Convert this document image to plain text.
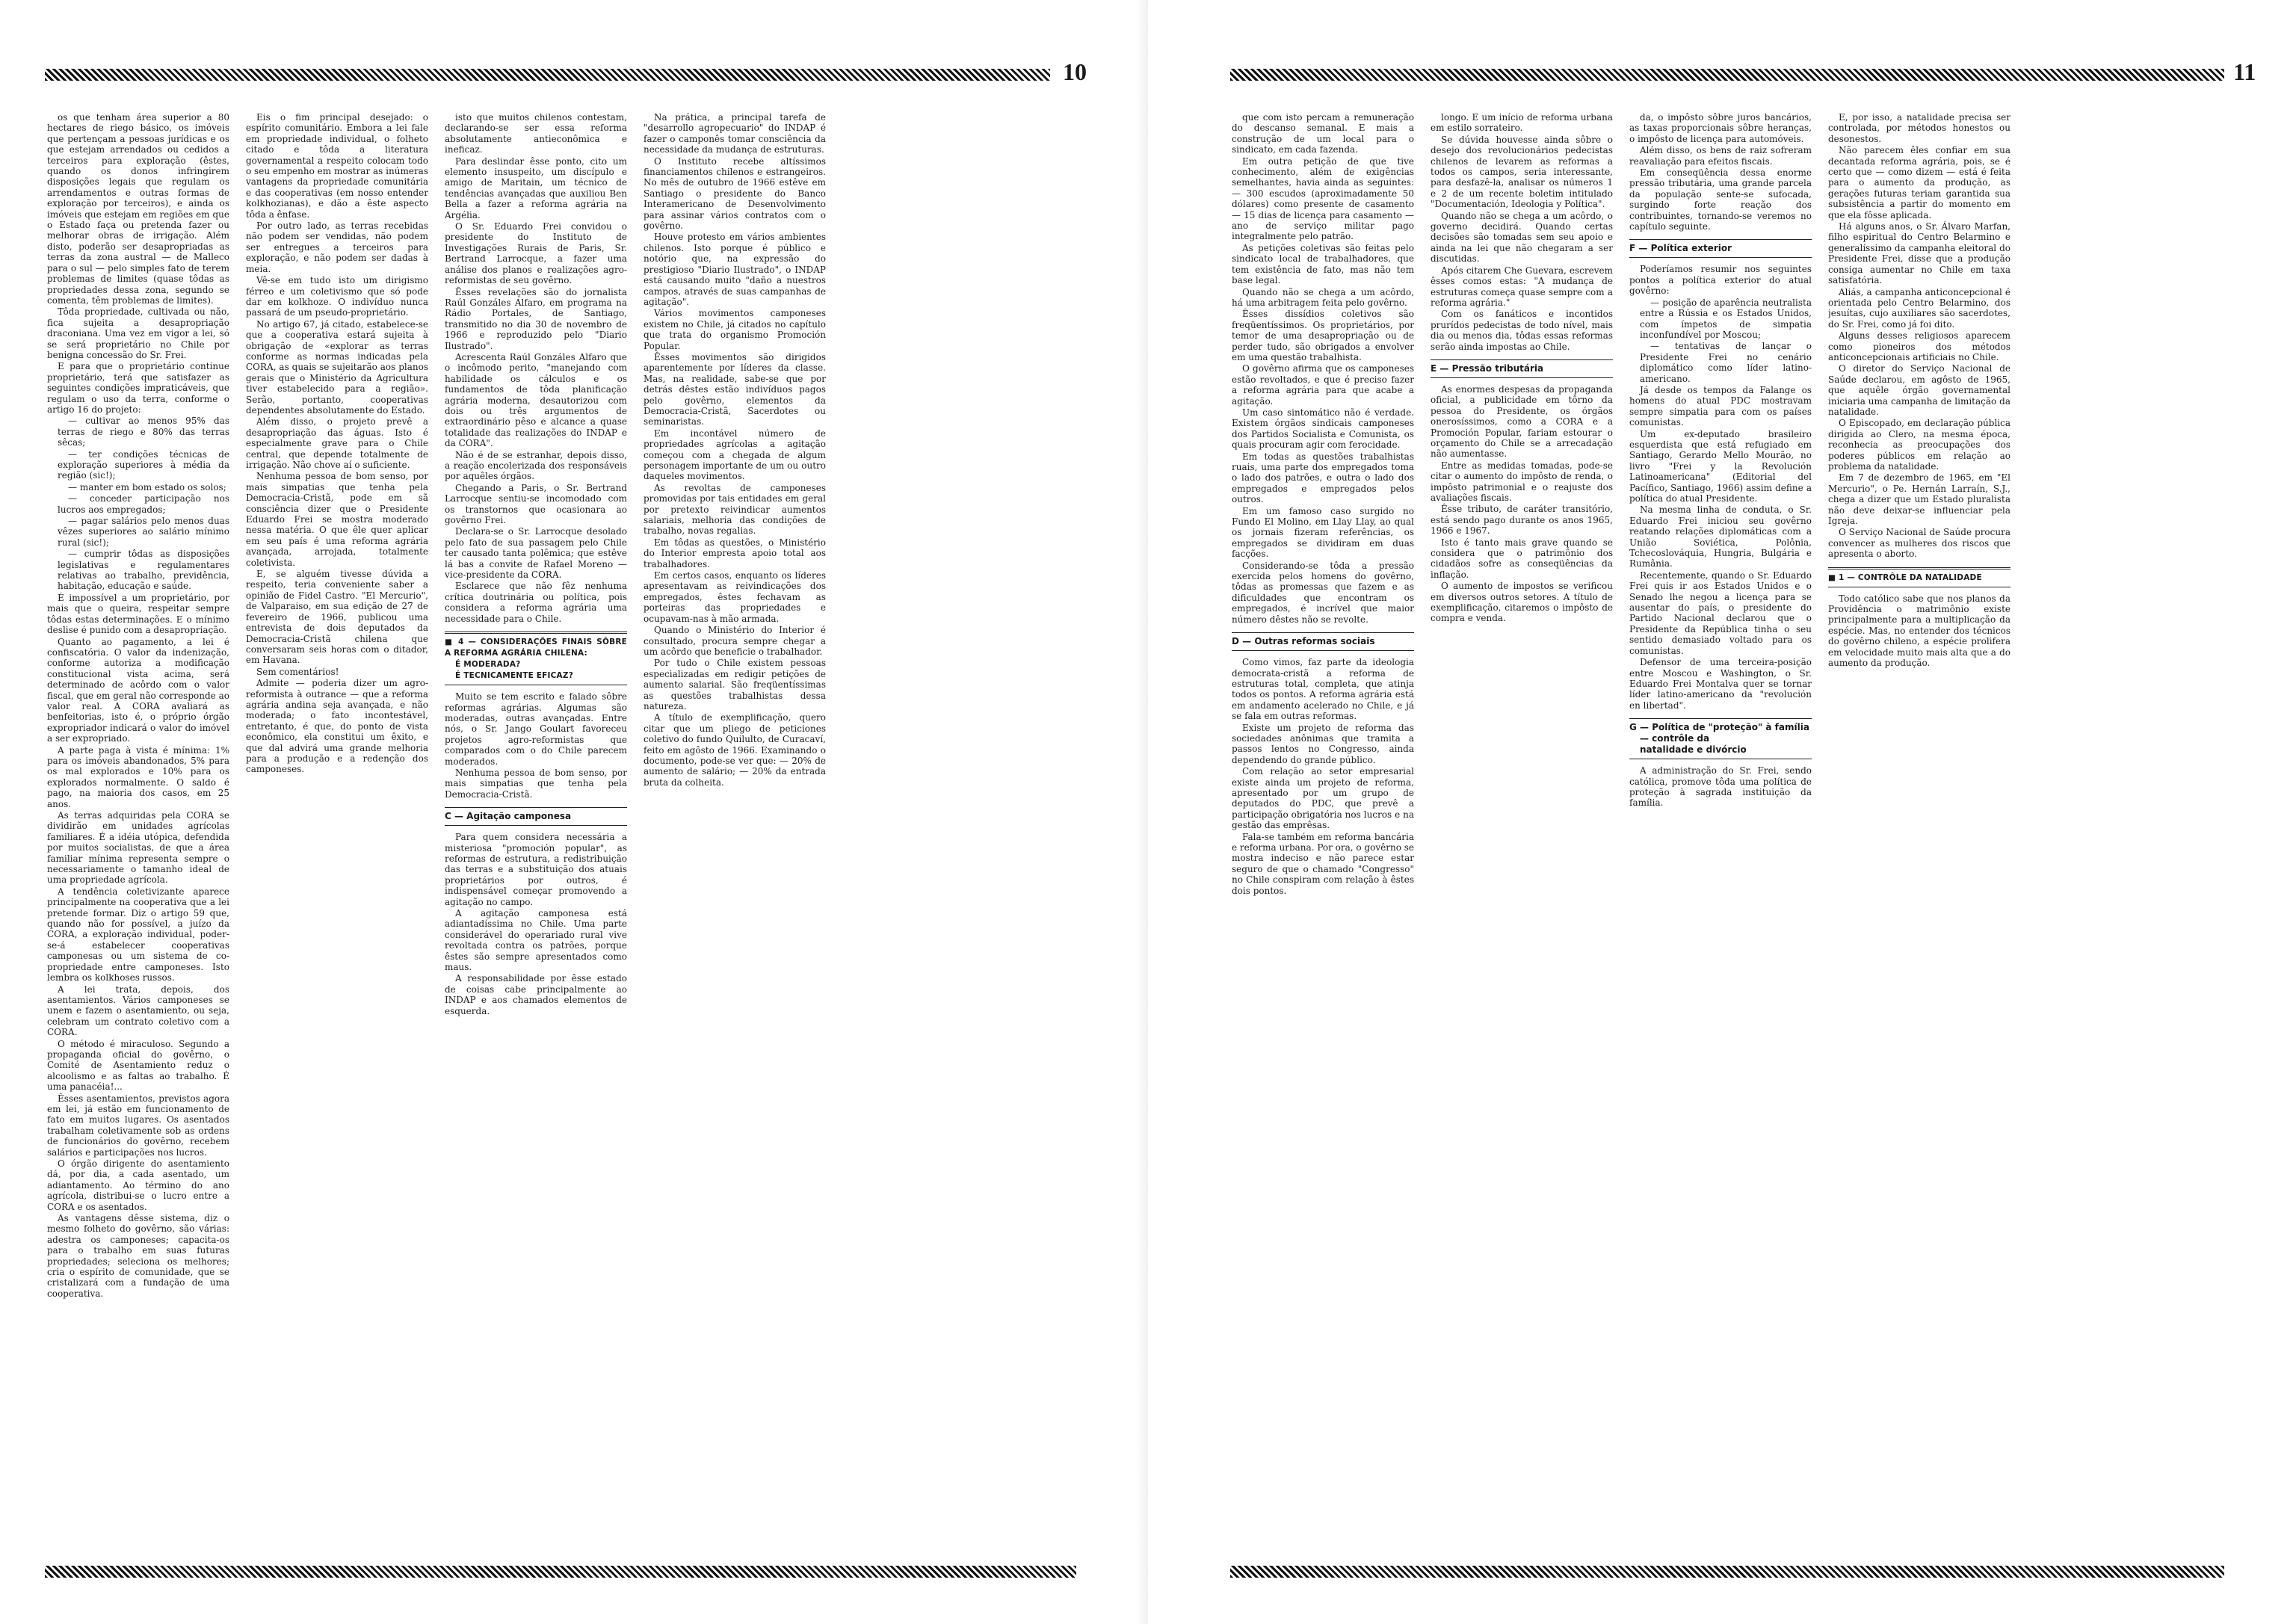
10

os que tenham área superior a 80 hectares de riego básico, os imóveis que pertençam a pessoas jurídicas e os que estejam arrendados ou cedidos a terceiros para exploração (êstes, quando os donos infringirem disposições legais que regulam os arrendamentos e outras formas de exploração por terceiros), e ainda os imóveis que estejam em regiões em que o Estado faça ou pretenda fazer ou melhorar obras de irrigação. Além disto, poderão ser desapropriadas as terras da zona austral — de Malleco para o sul — pelo simples fato de terem problemas de limites (quase tôdas as propriedades dessa zona, segundo se comenta, têm problemas de limites).

Tôda propriedade, cultivada ou não, fica sujeita a desapropriação draconiana. Uma vez em vigor a lei, só se será proprietário no Chile por benigna concessão do Sr. Frei.

E para que o proprietário continue proprietário, terá que satisfazer as seguintes condições impraticáveis, que regulam o uso da terra, conforme o artigo 16 do projeto:

— cultivar ao menos 95% das terras de riego e 80% das terras sêcas;

— ter condições técnicas de exploração superiores à média da região (sic!);

— manter em bom estado os solos;

— conceder participação nos lucros aos empregados;

— pagar salários pelo menos duas vêzes superiores ao salário mínimo rural (sic!);

— cumprir tôdas as disposições legislativas e regulamentares relativas ao trabalho, previdência, habitação, educação e saúde.

É impossível a um proprietário, por mais que o queira, respeitar sempre tôdas estas determinações. E o mínimo deslise é punido com a desapropriação.

Quanto ao pagamento, a lei é confiscatória. O valor da indenização, conforme autoriza a modificação constitucional vista acima, será determinado de acôrdo com o valor fiscal, que em geral não corresponde ao valor real. A CORA avaliará as benfeitorias, isto é, o próprio órgão expropriador indicará o valor do imóvel a ser expropriado.

A parte paga à vista é mínima: 1% para os imóveis abandonados, 5% para os mal explorados e 10% para os explorados normalmente. O saldo é pago, na maioria dos casos, em 25 anos.

As terras adquiridas pela CORA se dividirão em unidades agrícolas familiares. É a idéia utópica, defendida por muitos socialistas, de que a área familiar mínima representa sempre o necessariamente o tamanho ideal de uma propriedade agrícola.

A tendência coletivizante aparece principalmente na cooperativa que a lei pretende formar. Diz o artigo 59 que, quando não for possível, a juízo da CORA, a exploração individual, poder-se-á estabelecer cooperativas camponesas ou um sistema de co-propriedade entre camponeses. Isto lembra os kolkhoses russos.

A lei trata, depois, dos asentamientos. Vários camponeses se unem e fazem o asentamiento, ou seja, celebram um contrato coletivo com a CORA.

O método é miraculoso. Segundo a propaganda oficial do govêrno, o Comité de Asentamiento reduz o alcoolismo e as faltas ao trabalho. É uma panacéia!...

Êsses asentamientos, previstos agora em lei, já estão em funcionamento de fato em muitos lugares. Os asentados trabalham coletivamente sob as ordens de funcionários do govêrno, recebem salários e participações nos lucros.

O órgão dirigente do asentamiento dá, por dia, a cada asentado, um adiantamento. Ao término do ano agrícola, distribui-se o lucro entre a CORA e os asentados.

As vantagens dêsse sistema, diz o mesmo folheto do govêrno, são várias: adestra os camponeses; capacita-os para o trabalho em suas futuras propriedades; seleciona os melhores; cria o espírito de comunidade, que se cristalizará com a fundação de uma cooperativa.

Eis o fim principal desejado: o espírito comunitário. Embora a lei fale em propriedade individual, o folheto citado e tôda a literatura governamental a respeito colocam todo o seu empenho em mostrar as inúmeras vantagens da propriedade comunitária e das cooperativas (em nosso entender kolkhozianas), e dão a êste aspecto tôda a ênfase.

Por outro lado, as terras recebidas não podem ser vendidas, não podem ser entregues a terceiros para exploração, e não podem ser dadas à meia.

Vê-se em tudo isto um dirigismo férreo e um coletivismo que só pode dar em kolkhoze. O indivíduo nunca passará de um pseudo-proprietário.

No artigo 67, já citado, estabelece-se que a cooperativa estará sujeita à obrigação de «explorar as terras conforme as normas indicadas pela CORA, as quais se sujeitarão aos planos gerais que o Ministério da Agricultura tiver estabelecido para a região». Serão, portanto, cooperativas dependentes absolutamente do Estado.

Além disso, o projeto prevê a desapropriação das águas. Isto é especialmente grave para o Chile central, que depende totalmente de irrigação. Não chove aí o suficiente.

Nenhuma pessoa de bom senso, por mais simpatias que tenha pela Democracia-Cristã, pode em sã consciência dizer que o Presidente Eduardo Frei se mostra moderado nessa matéria. O que êle quer aplicar em seu país é uma reforma agrária avançada, arrojada, totalmente coletivista.

E, se alguém tivesse dúvida a respeito, teria conveniente saber a opinião de Fidel Castro. "El Mercurio", de Valparaiso, em sua edição de 27 de fevereiro de 1966, publicou uma entrevista de dois deputados da Democracia-Cristã chilena que conversaram seis horas com o ditador, em Havana.

Sem comentários!

Admite — poderia dizer um agro-reformista à outrance — que a reforma agrária andina seja avançada, e não moderada; o fato incontestável, entretanto, é que, do ponto de vista econômico, ela constitui um êxito, e que dal advirá uma grande melhoria para a produção e a redenção dos camponeses.

isto que muitos chilenos contestam, declarando-se ser essa reforma absolutamente antieconômica e ineficaz.

Para deslindar êsse ponto, cito um elemento insuspeito, um discípulo e amigo de Maritain, um técnico de tendências avançadas que auxiliou Ben Bella a fazer a reforma agrária na Argélia.

O Sr. Eduardo Frei convidou o presidente do Instituto de Investigações Rurais de Paris, Sr. Bertrand Larrocque, a fazer uma análise dos planos e realizações agro-reformistas de seu govêrno.

Êsses revelações são do jornalista Raúl Gonzáles Alfaro, em programa na Rádio Portales, de Santiago, transmitido no dia 30 de novembro de 1966 e reproduzido pelo "Diario Ilustrado".

Acrescenta Raúl Gonzáles Alfaro que o incômodo perito, "manejando com habilidade os cálculos e os fundamentos de tôda planificação agrária moderna, desautorizou com dois ou três argumentos de extraordinário pêso e alcance a quase totalidade das realizações do INDAP e da CORA".

Não é de se estranhar, depois disso, a reação encolerizada dos responsáveis por aquêles órgãos.

Chegando a Paris, o Sr. Bertrand Larrocque sentiu-se incomodado com os transtornos que ocasionara ao govêrno Frei.

Declara-se o Sr. Larrocque desolado pelo fato de sua passagem pelo Chile ter causado tanta polêmica; que estêve lá bas a convite de Rafael Moreno — vice-presidente da CORA.

Esclarece que não fêz nenhuma crítica doutrinária ou política, pois considera a reforma agrária uma necessidade para o Chile.

■ 4 — CONSIDERAÇÕES FINAIS SÔBRE A REFORMA AGRÁRIA CHILENA:
É MODERADA?
É TECNICAMENTE EFICAZ?

Muito se tem escrito e falado sôbre reformas agrárias. Algumas são moderadas, outras avançadas. Entre nós, o Sr. Jango Goulart favoreceu projetos agro-reformistas que comparados com o do Chile parecem moderados.

Nenhuma pessoa de bom senso, por mais simpatias que tenha pela Democracia-Cristã.

C — Agitação camponesa

Para quem considera necessária a misteriosa "promoción popular", as reformas de estrutura, a redistribuição das terras e a substituição dos atuais proprietários por outros, é indispensável começar promovendo a agitação no campo.

A agitação camponesa está adiantadíssima no Chile. Uma parte considerável do operariado rural vive revoltada contra os patrões, porque êstes são sempre apresentados como maus.

A responsabilidade por êsse estado de coisas cabe principalmente ao INDAP e aos chamados elementos de esquerda.

Na prática, a principal tarefa de "desarrollo agropecuario" do INDAP é fazer o camponês tomar consciência da necessidade da mudança de estruturas.

O Instituto recebe altíssimos financiamentos chilenos e estrangeiros. No mês de outubro de 1966 estêve em Santiago o presidente do Banco Interamericano de Desenvolvimento para assinar vários contratos com o govêrno.

Houve protesto em vários ambientes chilenos. Isto porque é público e notório que, na expressão do prestigioso "Diario Ilustrado", o INDAP está causando muito "daño a nuestros campos, através de suas campanhas de agitação".

Vários movimentos camponeses existem no Chile, já citados no capítulo que trata do organismo Promoción Popular.

Êsses movimentos são dirigidos aparentemente por líderes da classe. Mas, na realidade, sabe-se que por detrás dêstes estão indivíduos pagos pelo govêrno, elementos da Democracia-Cristã, Sacerdotes ou seminaristas.

Em incontável número de propriedades agrícolas a agitação começou com a chegada de algum personagem importante de um ou outro daqueles movimentos.

As revoltas de camponeses promovidas por tais entidades em geral por pretexto reivindicar aumentos salariais, melhoria das condições de trabalho, novas regalias.

Em tôdas as questões, o Ministério do Interior empresta apoio total aos trabalhadores.

Em certos casos, enquanto os líderes apresentavam as reivindicações dos empregados, êstes fechavam as porteiras das propriedades e ocupavam-nas à mão armada.

Quando o Ministério do Interior é consultado, procura sempre chegar a um acôrdo que beneficie o trabalhador.

Por tudo o Chile existem pessoas especializadas em redigir petições de aumento salarial. São freqüentíssimas as questões trabalhistas dessa natureza.

A título de exemplificação, quero citar que um pliego de peticiones coletivo do fundo Quilulto, de Curacaví, feito em agôsto de 1966. Examinando o documento, pode-se ver que: — 20% de aumento de salário; — 20% da entrada bruta da colheita.

11

que com isto percam a remuneração do descanso semanal. E mais a construção de um local para o sindicato, em cada fazenda.

Em outra petição de que tive conhecimento, além de exigências semelhantes, havia ainda as seguintes: — 300 escudos (aproximadamente 50 dólares) como presente de casamento — 15 dias de licença para casamento — ano de serviço militar pago integralmente pelo patrão.

As petições coletivas são feitas pelo sindicato local de trabalhadores, que tem existência de fato, mas não tem base legal.

Quando não se chega a um acôrdo, há uma arbitragem feita pelo govêrno.

Êsses dissídios coletivos são freqüentíssimos. Os proprietários, por temor de uma desapropriação ou de perder tudo, são obrigados a envolver em uma questão trabalhista.

O govêrno afirma que os camponeses estão revoltados, e que é preciso fazer a reforma agrária para que acabe a agitação.

Um caso sintomático não é verdade. Existem órgãos sindicais camponeses dos Partidos Socialista e Comunista, os quais procuram agir com ferocidade.

Em todas as questões trabalhistas ruais, uma parte dos empregados toma o lado dos patrões, e outra o lado dos empregados e empregados pelos outros.

Em um famoso caso surgido no Fundo El Molino, em Llay Llay, ao qual os jornais fizeram referências, os empregados se dividiram em duas facções.

Considerando-se tôda a pressão exercida pelos homens do govêrno, tôdas as promessas que fazem e as dificuldades que encontram os empregados, é incrível que maior número dêstes não se revolte.

D — Outras reformas sociais

Como vimos, faz parte da ideologia democrata-cristã a reforma de estruturas total, completa, que atinja todos os pontos. A reforma agrária está em andamento acelerado no Chile, e já se fala em outras reformas.

Existe um projeto de reforma das sociedades anônimas que tramita a passos lentos no Congresso, ainda dependendo do grande público.

Com relação ao setor empresarial existe ainda um projeto de reforma, apresentado por um grupo de deputados do PDC, que prevê a participação obrigatória nos lucros e na gestão das emprêsas.

Fala-se também em reforma bancária e reforma urbana. Por ora, o govêrno se mostra indeciso e não parece estar seguro de que o chamado "Congresso" no Chile conspiram com relação à êstes dois pontos.

longo. E um início de reforma urbana em estilo sorrateiro.

Se dúvida houvesse ainda sôbre o desejo dos revolucionários pedecistas chilenos de levarem as reformas a todos os campos, seria interessante, para desfazê-la, analisar os números 1 e 2 de um recente boletim intitulado "Documentación, Ideologia y Política".

Quando não se chega a um acôrdo, o governo decidirá. Quando certas decisões são tomadas sem seu apoio e ainda na lei que não chegaram a ser discutidas.

Após citarem Che Guevara, escrevem êsses comos estas: "A mudança de estruturas começa quase sempre com a reforma agrária."

Com os fanáticos e incontidos prurídos pedecistas de todo nível, mais dia ou menos dia, tôdas essas reformas serão ainda impostas ao Chile.

E — Pressão tributária

As enormes despesas da propaganda oficial, a publicidade em tôrno da pessoa do Presidente, os órgãos onerosíssimos, como a CORA e a Promoción Popular, fariam estourar o orçamento do Chile se a arrecadação não aumentasse.

Entre as medidas tomadas, pode-se citar o aumento do impôsto de renda, o impôsto patrimonial e o reajuste dos avaliações fiscais.

Êsse tributo, de caráter transitório, está sendo pago durante os anos 1965, 1966 e 1967.

Isto é tanto mais grave quando se considera que o patrimônio dos cidadãos sofre as conseqüências da inflação.

O aumento de impostos se verificou em diversos outros setores. A título de exemplificação, citaremos o impôsto de compra e venda.

da, o impôsto sôbre juros bancários, as taxas proporcionais sôbre heranças, o impôsto de licença para automóveis.

Além disso, os bens de raiz sofreram reavaliação para efeitos fiscais.

Em conseqüência dessa enorme pressão tributária, uma grande parcela da população sente-se sufocada, surgindo forte reação dos contribuintes, tornando-se veremos no capítulo seguinte.

F — Política exterior

Poderíamos resumir nos seguintes pontos a política exterior do atual govêrno:

— posição de aparência neutralista entre a Rússia e os Estados Unidos, com ímpetos de simpatia inconfundível por Moscou;

— tentativas de lançar o Presidente Frei no cenário diplomático como líder latino-americano.

Já desde os tempos da Falange os homens do atual PDC mostravam sempre simpatia para com os países comunistas.

Um ex-deputado brasileiro esquerdista que está refugiado em Santiago, Gerardo Mello Mourão, no livro "Frei y la Revolución Latinoamericana" (Editorial del Pacífico, Santiago, 1966) assim define a política do atual Presidente.

Na mesma linha de conduta, o Sr. Eduardo Frei iniciou seu govêrno reatando relações diplomáticas com a União Soviética, Polônia, Tchecoslováquia, Hungria, Bulgária e Rumânia.

Recentemente, quando o Sr. Eduardo Frei quis ir aos Estados Unidos e o Senado lhe negou a licença para se ausentar do país, o presidente do Partido Nacional declarou que o Presidente da República tinha o seu sentido demasiado voltado para os comunistas.

Defensor de uma terceira-posição entre Moscou e Washington, o Sr. Eduardo Frei Montalva quer se tornar líder latino-americano da "revolución en libertad".

G — Política de "proteção" à família
— contrôle da
natalidade e divórcio

A administração do Sr. Frei, sendo católica, promove tôda uma política de proteção à sagrada instituição da família.

E, por isso, a natalidade precisa ser controlada, por métodos honestos ou desonestos.

Não parecem êles confiar em sua decantada reforma agrária, pois, se é certo que — como dizem — está é feita para o aumento da produção, as gerações futuras teriam garantida sua subsistência a partir do momento em que ela fôsse aplicada.

Há alguns anos, o Sr. Álvaro Marfan, filho espiritual do Centro Belarmino e generalíssimo da campanha eleitoral do Presidente Frei, disse que a produção consiga aumentar no Chile em taxa satisfatória.

Aliás, a campanha anticoncepcional é orientada pelo Centro Belarmino, dos jesuítas, cujo auxiliares são sacerdotes, do Sr. Frei, como já foi dito.

Alguns desses religiosos aparecem como pioneiros dos métodos anticoncepcionais artificiais no Chile.

O diretor do Serviço Nacional de Saúde declarou, em agôsto de 1965, que aquêle órgão governamental iniciaria uma campanha de limitação da natalidade.

O Episcopado, em declaração pública dirigida ao Clero, na mesma época, reconhecia as preocupações dos poderes públicos em relação ao problema da natalidade.

Em 7 de dezembro de 1965, em "El Mercurio", o Pe. Hernán Larraín, S.J., chega a dizer que um Estado pluralista não deve deixar-se influenciar pela Igreja.

O Serviço Nacional de Saúde procura convencer as mulheres dos riscos que apresenta o aborto.

■ 1 — CONTRÔLE DA NATALIDADE

Todo católico sabe que nos planos da Providência o matrimônio existe principalmente para a multiplicação da espécie. Mas, no entender dos técnicos do govêrno chileno, a espécie prolifera em velocidade muito mais alta que a do aumento da produção.
